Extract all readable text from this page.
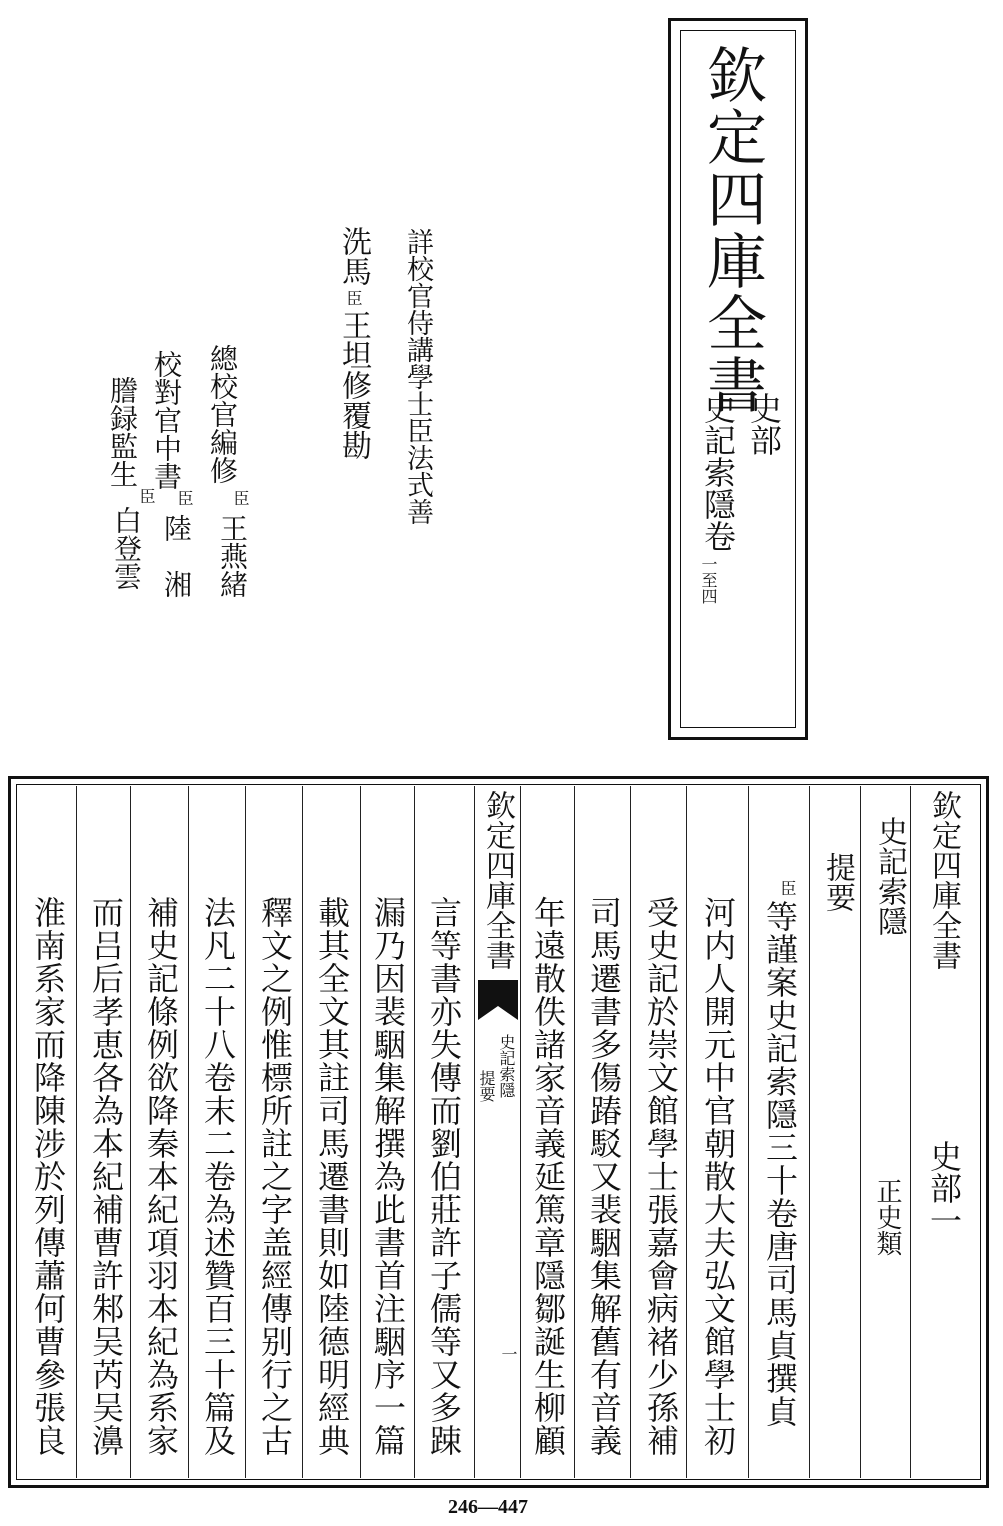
欽定四庫全書
史部
史記索隱卷
一至四
詳校官侍講學士臣法式善
洗馬
臣
王坦修覆勘
總校官編修
臣
王燕緒
校對官中書
臣
陸　湘
謄録監生
臣
白登雲
欽定四庫全書
史部一
史記索隱
正史類
提要
欽定四庫全書
史記索隱
提要
一
臣
等謹案史記索隱三十卷唐司馬貞撰貞
河内人開元中官朝散大夫弘文館學士初
受史記於崇文館學士張嘉會病褚少孫補
司馬遷書多傷踳駁又裴駰集解舊有音義
年遠散佚諸家音義延篤章隱鄒誕生柳顧
言等書亦失傳而劉伯莊許子儒等又多踈
漏乃因裴駰集解撰為此書首注駰序一篇
載其全文其註司馬遷書則如陸德明經典
釋文之例惟標所註之字盖經傳别行之古
法凡二十八卷末二卷為述贊百三十篇及
補史記條例欲降秦本紀項羽本紀為系家
而吕后孝恵各為本紀補曹許邾吴芮吴濞
淮南系家而降陳涉於列傳蕭何曹參張良
246—447
